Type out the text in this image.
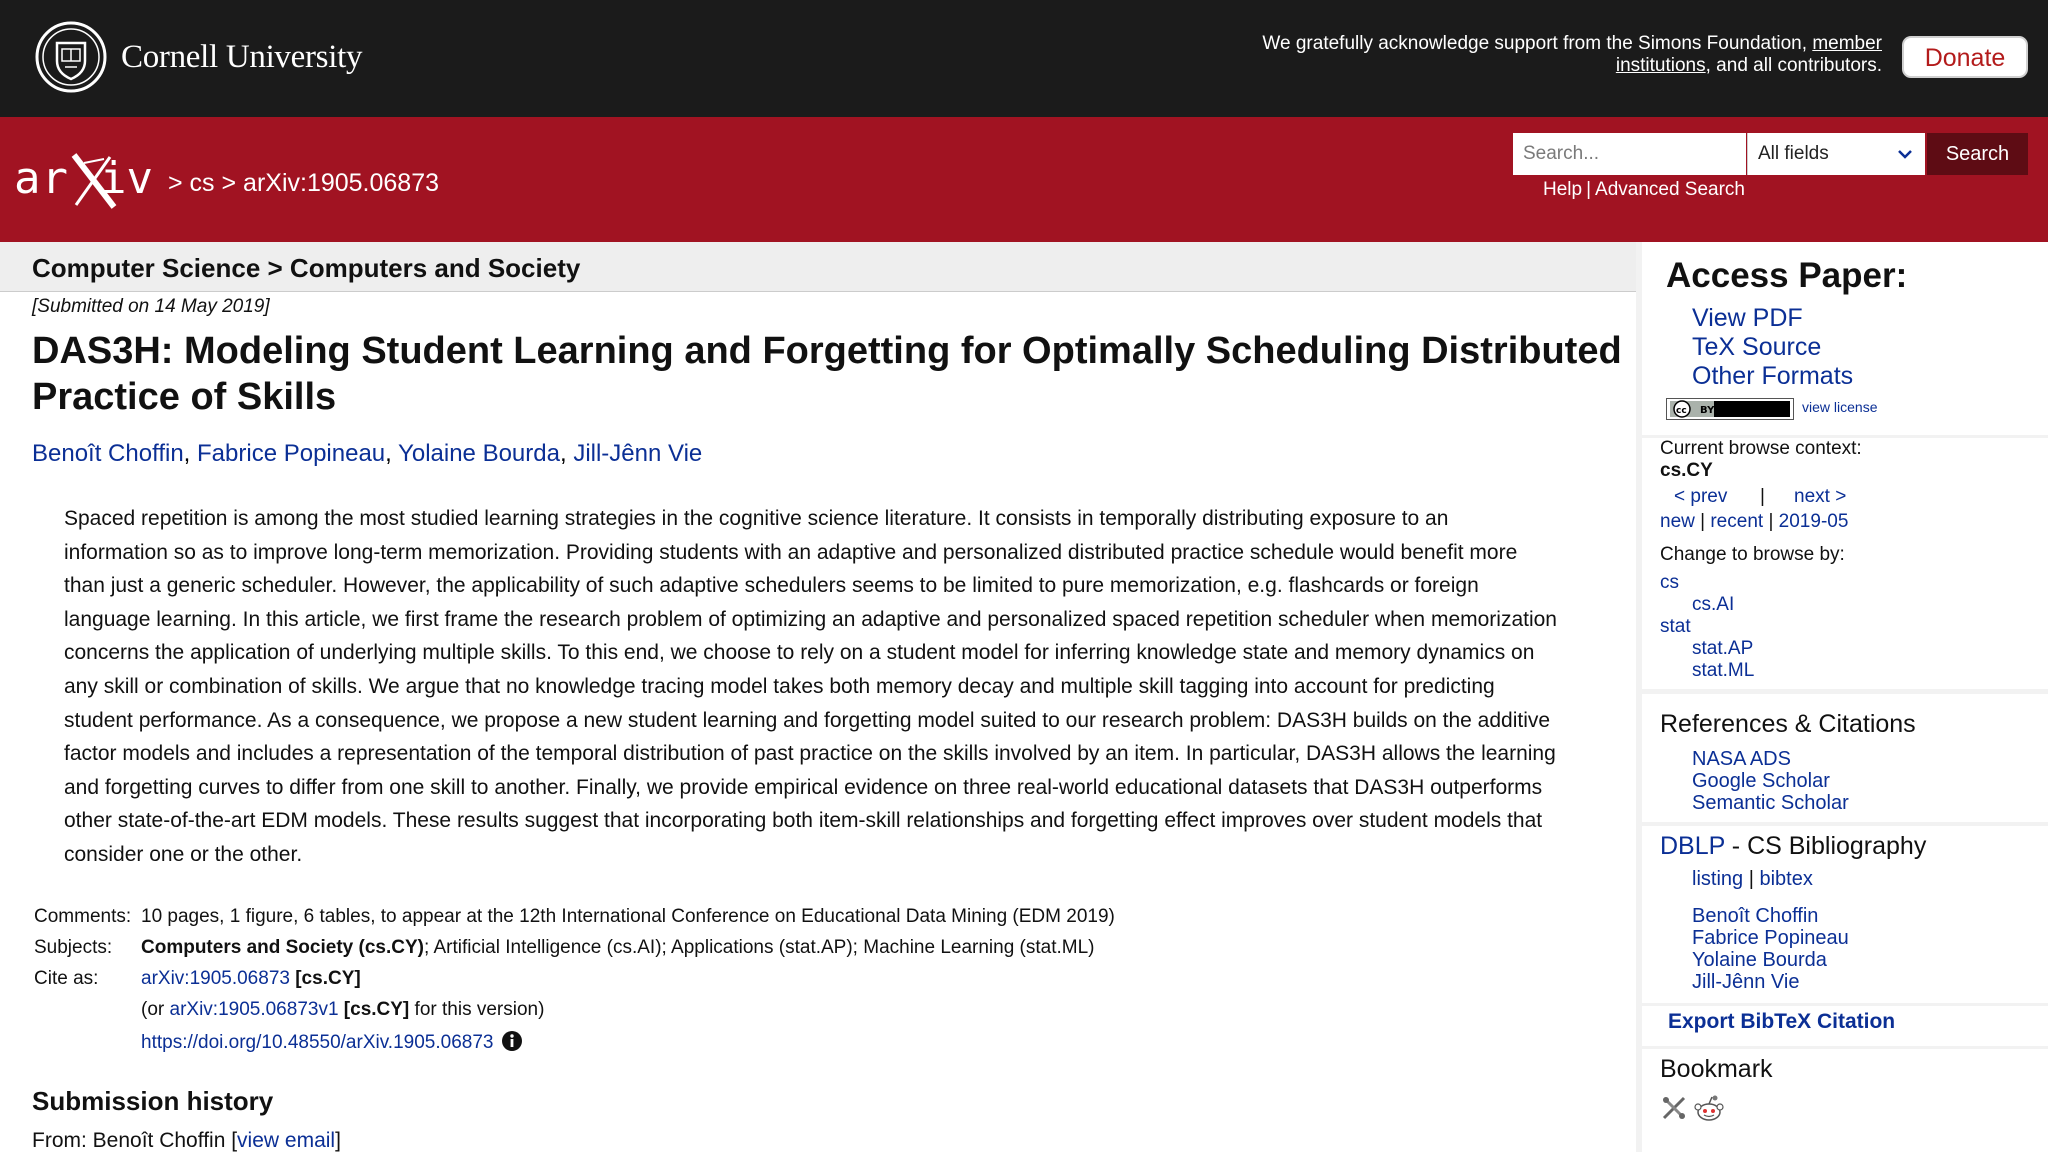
Cornell University	We gratefully acknowledge support from the Simons Foundation, member
institutions, and all contributors.	Donate
ar iv > cs > arXiv:1905.06873
Search...
All fields	Search
Help | Advanced Search
Computer Science > Computers and Society
[Submitted on 14 May 2019]
DAS3H: Modeling Student Learning and Forgetting for Optimally Scheduling Distributed Practice of Skills
Benoît Choffin, Fabrice Popineau, Yolaine Bourda, Jill-Jênn Vie
Spaced repetition is among the most studied learning strategies in the cognitive science literature. It consists in temporally distributing exposure to an
information so as to improve long-term memorization. Providing students with an adaptive and personalized distributed practice schedule would benefit more
than just a generic scheduler. However, the applicability of such adaptive schedulers seems to be limited to pure memorization, e.g. flashcards or foreign
language learning. In this article, we first frame the research problem of optimizing an adaptive and personalized spaced repetition scheduler when memorization
concerns the application of underlying multiple skills. To this end, we choose to rely on a student model for inferring knowledge state and memory dynamics on
any skill or combination of skills. We argue that no knowledge tracing model takes both memory decay and multiple skill tagging into account for predicting
student performance. As a consequence, we propose a new student learning and forgetting model suited to our research problem: DAS3H builds on the additive
factor models and includes a representation of the temporal distribution of past practice on the skills involved by an item. In particular, DAS3H allows the learning
and forgetting curves to differ from one skill to another. Finally, we provide empirical evidence on three real-world educational datasets that DAS3H outperforms
other state-of-the-art EDM models. These results suggest that incorporating both item-skill relationships and forgetting effect improves over student models that
consider one or the other.
Comments:	10 pages, 1 figure, 6 tables, to appear at the 12th International Conference on Educational Data Mining (EDM 2019)
Subjects:	Computers and Society (cs.CY); Artificial Intelligence (cs.AI); Applications (stat.AP); Machine Learning (stat.ML)
Cite as:	arXiv:1905.06873 [cs.CY]
	(or arXiv:1905.06873v1 [cs.CY] for this version)
	https://doi.org/10.48550/arXiv.1905.06873
Submission history
From: Benoît Choffin [view email]
Access Paper:
View PDF
TeX Source
Other Formats
cc BY	view license
Current browse context:
cs.CY
< prev | next >
new | recent | 2019-05
Change to browse by:
cs
cs.AI
stat
stat.AP
stat.ML
References & Citations
NASA ADS
Google Scholar
Semantic Scholar
DBLP - CS Bibliography
listing | bibtex
Benoît Choffin
Fabrice Popineau
Yolaine Bourda
Jill-Jênn Vie
Export BibTeX Citation
Bookmark
